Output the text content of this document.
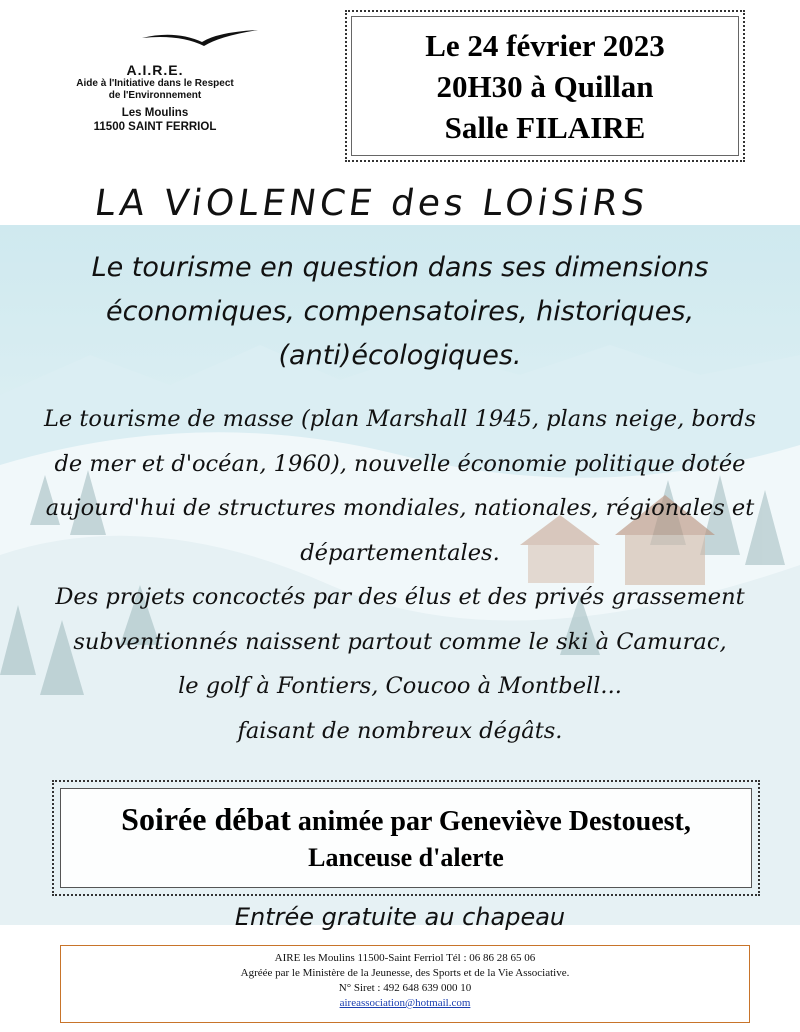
A.I.R.E.
Aide à l'Initiative dans le Respect
de l'Environnement
Les Moulins
11500 SAINT FERRIOL
Le 24 février 2023
20H30 à Quillan
Salle FILAIRE
LA ViOLENCE des LOiSiRS
Le tourisme en question dans ses dimensions
économiques, compensatoires, historiques,
(anti)écologiques.
Le tourisme de masse (plan Marshall 1945, plans neige, bords
de mer et d'océan, 1960), nouvelle économie politique dotée
aujourd'hui de structures mondiales, nationales, régionales et
départementales.
Des projets concoctés par des élus et des privés grassement
subventionnés naissent partout comme le ski à Camurac,
le golf à Fontiers, Coucoo à Montbell...
faisant de nombreux dégâts.
Soirée débat animée par Geneviève Destouest,
Lanceuse d'alerte
Entrée gratuite au chapeau
AIRE les Moulins 11500-Saint Ferriol Tél : 06 86 28 65 06
Agréée par le Ministère de la Jeunesse, des Sports et de la Vie Associative.
N° Siret : 492 648 639 000 10
aireassociation@hotmail.com
